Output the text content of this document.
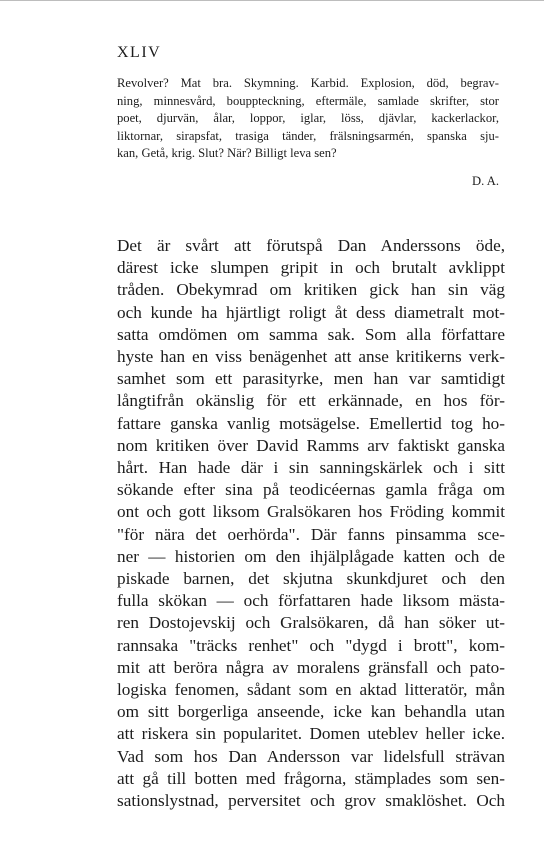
XLIV
Revolver? Mat bra. Skymning. Karbid. Explosion, död, begrav-
ning, minnesvård, bouppteckning, eftermäle, samlade skrifter, stor
poet, djurvän, ålar, loppor, iglar, löss, djävlar, kackerlackor,
liktornar, sirapsfat, trasiga tänder, frälsningsarmén, spanska sju-
kan, Getå, krig. Slut? När? Billigt leva sen?
D. A.
Det är svårt att förutspå Dan Anderssons öde,
därest icke slumpen gripit in och brutalt avklippt
tråden. Obekymrad om kritiken gick han sin väg
och kunde ha hjärtligt roligt åt dess diametralt mot-
satta omdömen om samma sak. Som alla författare
hyste han en viss benägenhet att anse kritikerns verk-
samhet som ett parasityrke, men han var samtidigt
långtifrån okänslig för ett erkännade, en hos för-
fattare ganska vanlig motsägelse. Emellertid tog ho-
nom kritiken över David Ramms arv faktiskt ganska
hårt. Han hade där i sin sanningskärlek och i sitt
sökande efter sina på teodicéernas gamla fråga om
ont och gott liksom Gralsökaren hos Fröding kommit
"för nära det oerhörda". Där fanns pinsamma sce-
ner — historien om den ihjälplågade katten och de
piskade barnen, det skjutna skunkdjuret och den
fulla skökan — och författaren hade liksom mästa-
ren Dostojevskij och Gralsökaren, då han söker ut-
rannsaka "träcks renhet" och "dygd i brott", kom-
mit att beröra några av moralens gränsfall och pato-
logiska fenomen, sådant som en aktad litteratör, mån
om sitt borgerliga anseende, icke kan behandla utan
att riskera sin popularitet. Domen uteblev heller icke.
Vad som hos Dan Andersson var lidelsfull strävan
att gå till botten med frågorna, stämplades som sen-
sationslystnad, perversitet och grov smaklöshet. Och
